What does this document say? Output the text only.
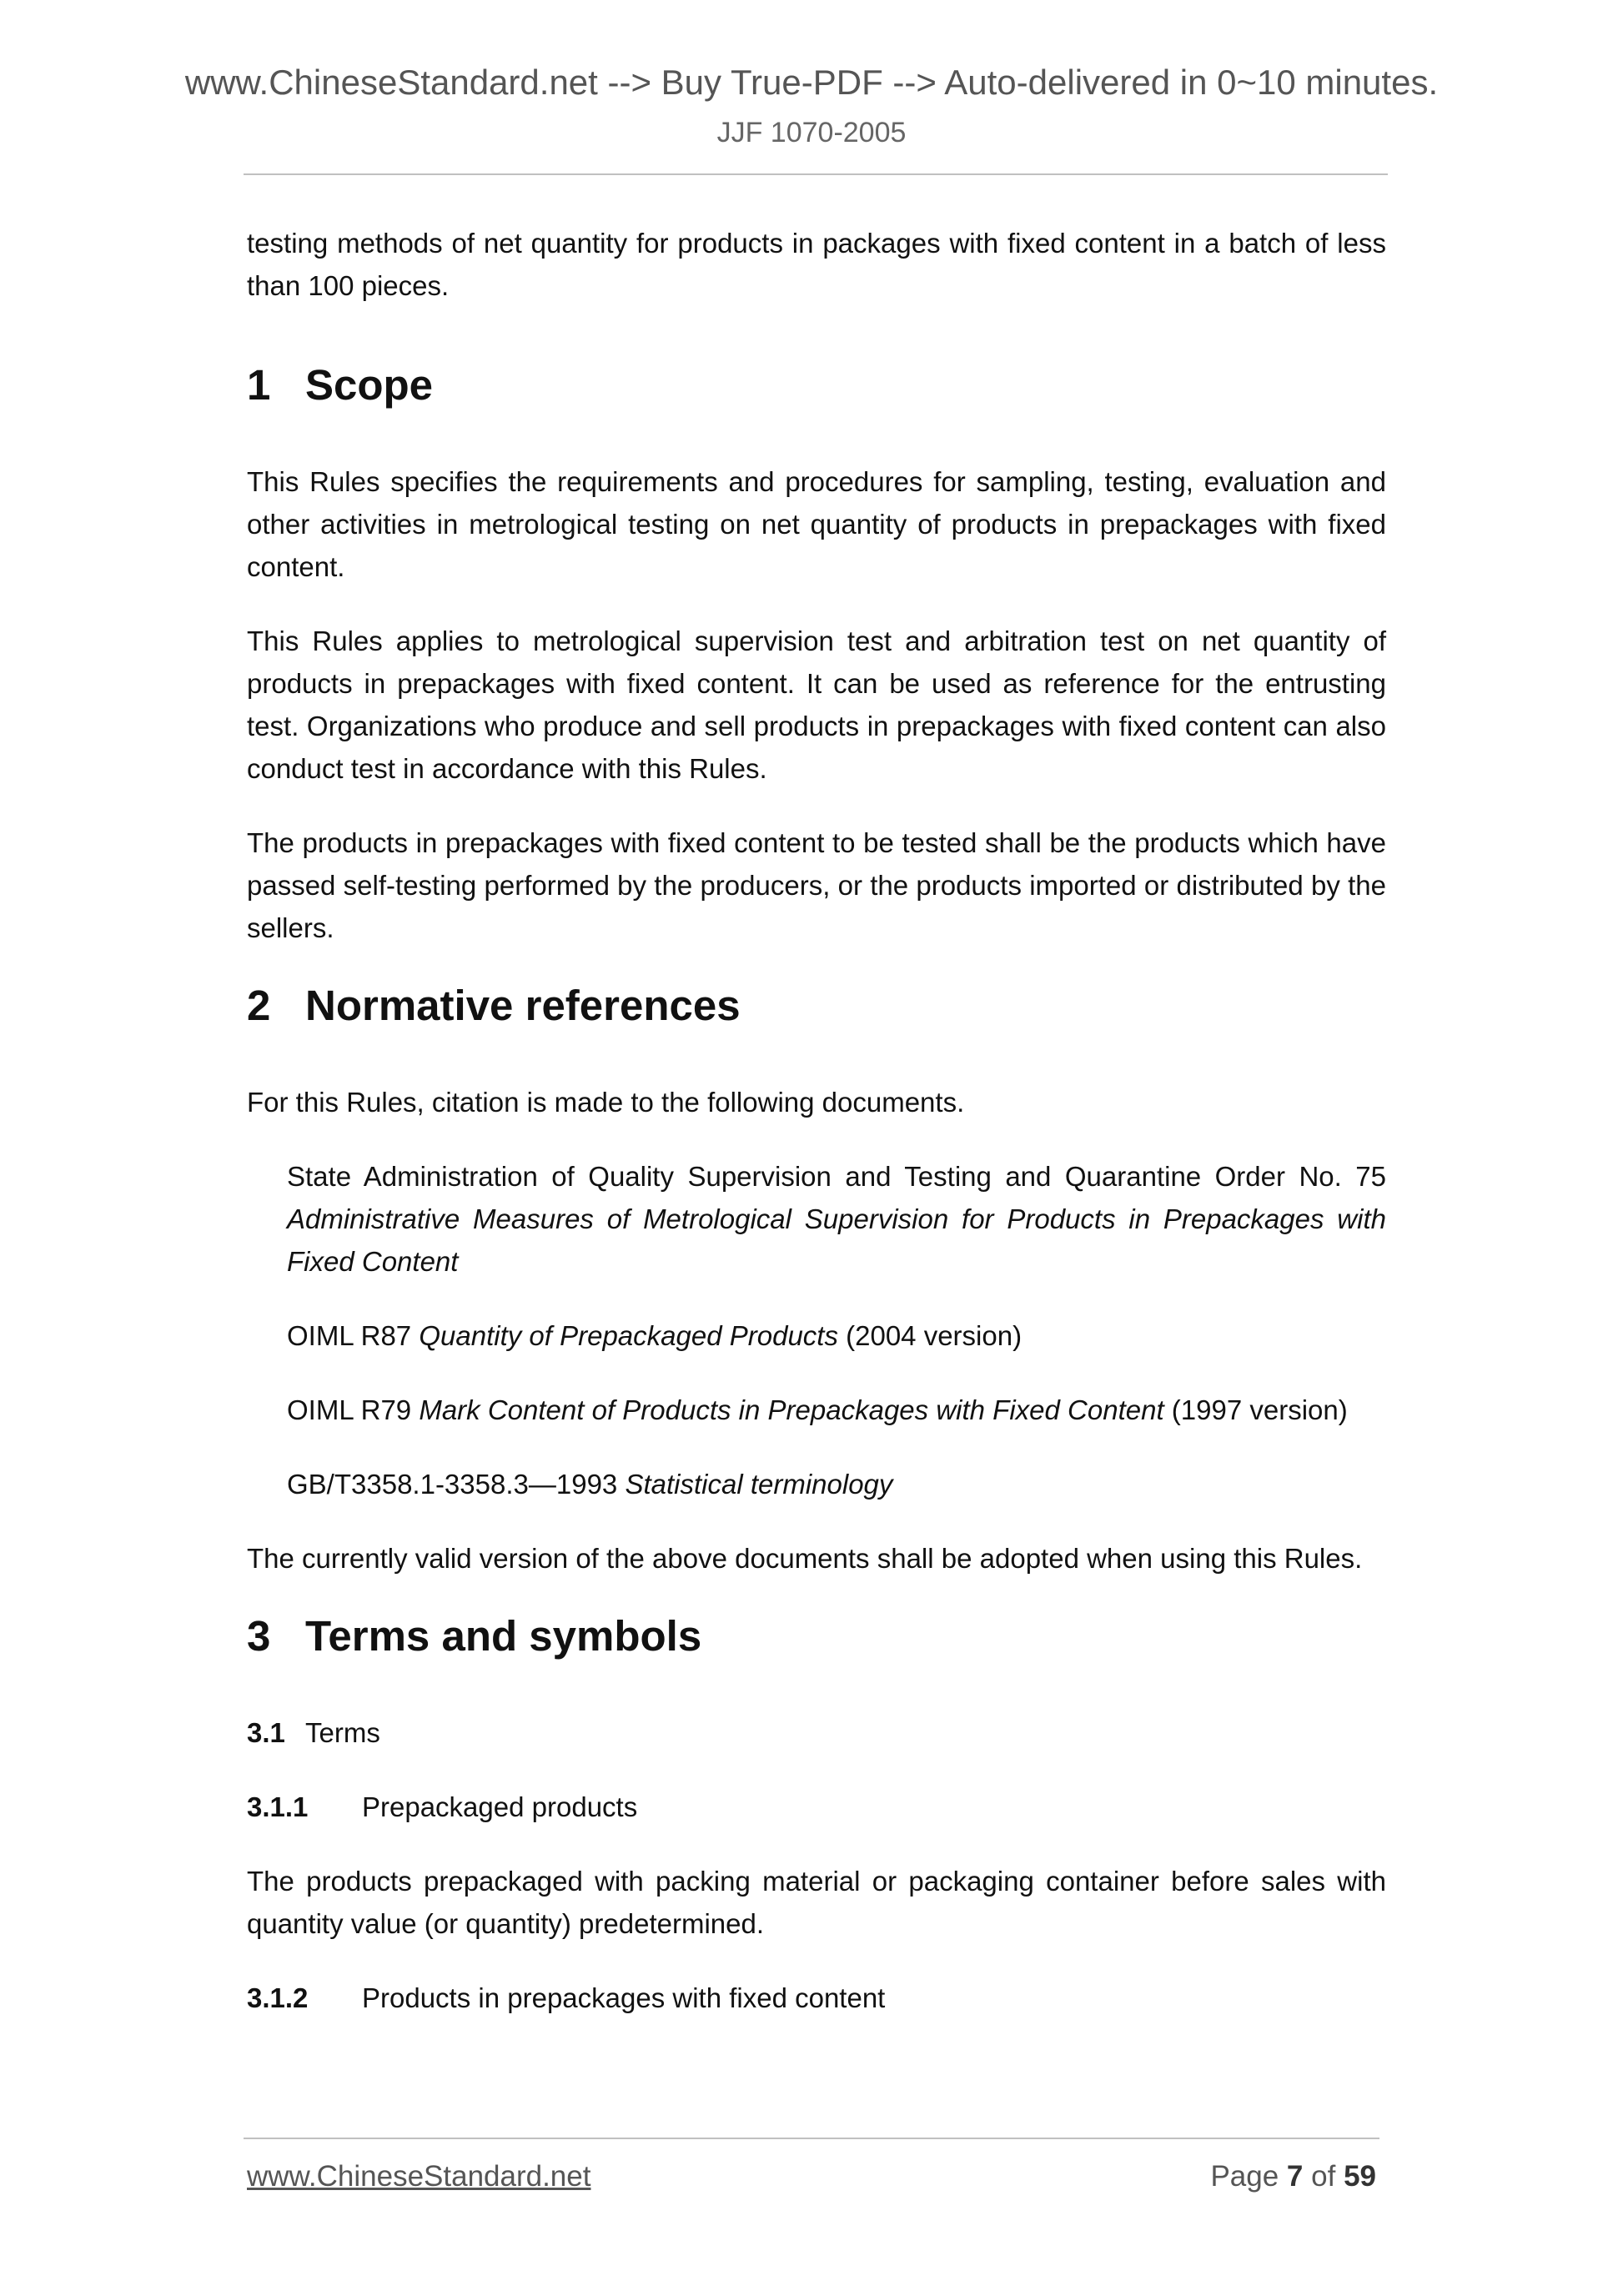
www.ChineseStandard.net --> Buy True-PDF --> Auto-delivered in 0~10 minutes.
JJF 1070-2005

testing methods of net quantity for products in packages with fixed content in a batch of less than 100 pieces.

1 Scope

This Rules specifies the requirements and procedures for sampling, testing, evaluation and other activities in metrological testing on net quantity of products in prepackages with fixed content.

This Rules applies to metrological supervision test and arbitration test on net quantity of products in prepackages with fixed content. It can be used as reference for the entrusting test. Organizations who produce and sell products in prepackages with fixed content can also conduct test in accordance with this Rules.

The products in prepackages with fixed content to be tested shall be the products which have passed self-testing performed by the producers, or the products imported or distributed by the sellers.

2 Normative references

For this Rules, citation is made to the following documents.

State Administration of Quality Supervision and Testing and Quarantine Order No. 75 Administrative Measures of Metrological Supervision for Products in Prepackages with Fixed Content

OIML R87 Quantity of Prepackaged Products (2004 version)

OIML R79 Mark Content of Products in Prepackages with Fixed Content (1997 version)

GB/T3358.1-3358.3—1993 Statistical terminology

The currently valid version of the above documents shall be adopted when using this Rules.

3 Terms and symbols
3.1 Terms
3.1.1 Prepackaged products

The products prepackaged with packing material or packaging container before sales with quantity value (or quantity) predetermined.

3.1.2 Products in prepackages with fixed content
www.ChineseStandard.net	Page 7 of 59
